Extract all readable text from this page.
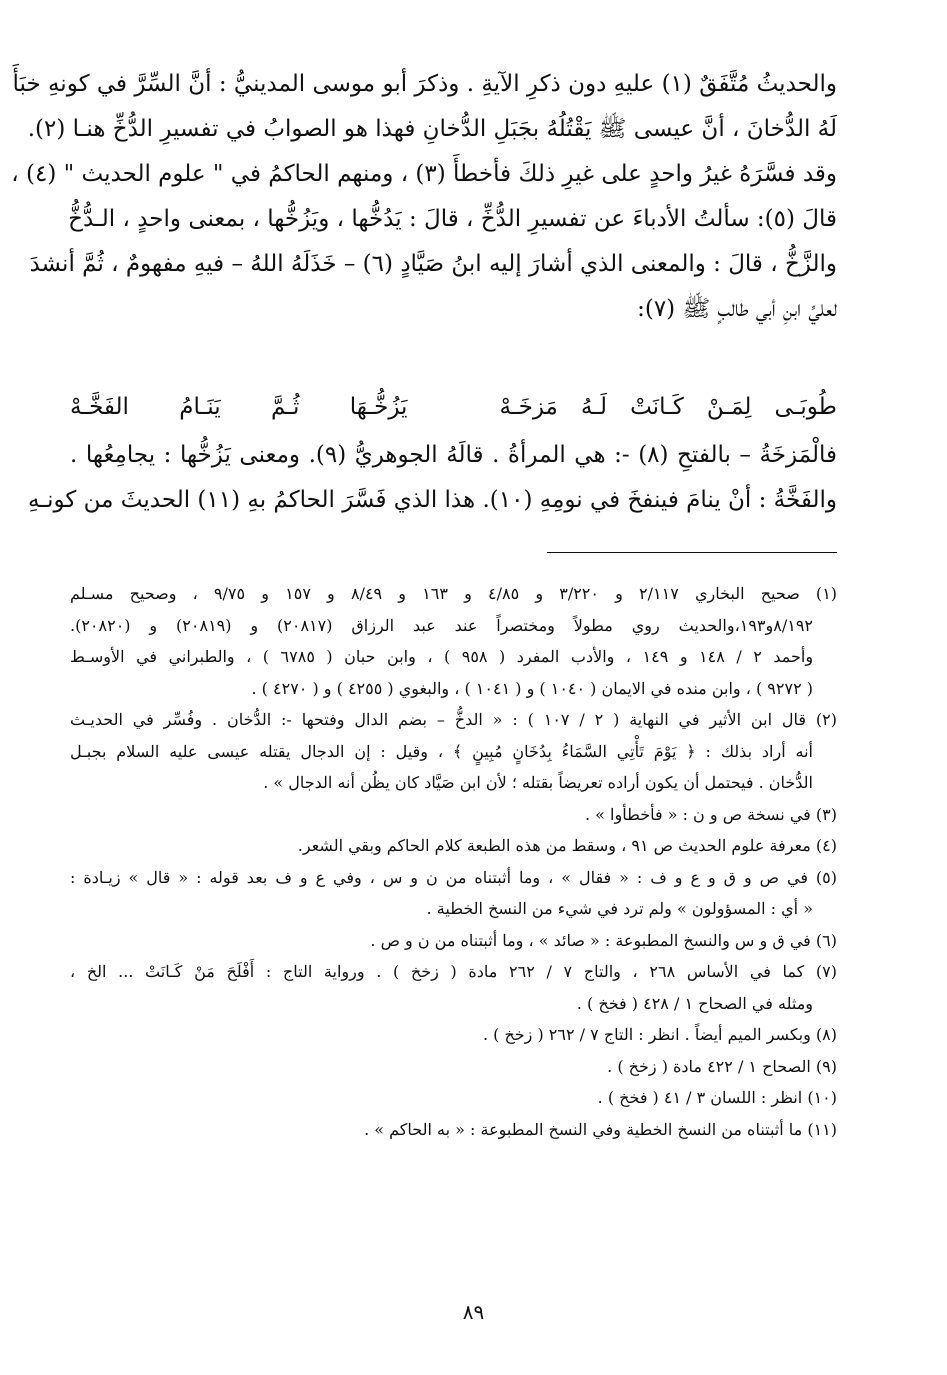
والحديثُ مُتَّفَقٌ (١) عليهِ دون ذكرِ الآيةِ . وذكرَ أبو موسى المدينيُّ : أنَّ السِّرَّ في كونهِ خبَأَ
لَهُ الدُّخانَ ، أنَّ عيسى ﷺ يَقْتُلُهُ بجَبَلِ الدُّخانِ فهذا هو الصوابُ في تفسيرِ الدُّخِّ هنـا (٢).
وقد فسَّرَهُ غيرُ واحدٍ على غيرِ ذلكَ فأخطأَ (٣) ، ومنهم الحاكمُ في " علوم الحديث " (٤) ،
قالَ (٥): سألتُ الأدباءَ عن تفسيرِ الدُّخِّ ، قالَ : يَدُخُّها ، ويَزُخُّها ، بمعنى واحدٍ ، الـدُّخُّ
والزَّخُّ ، قالَ : والمعنى الذي أشارَ إليه ابنُ صَيَّادٍ (٦) – خَذَلَهُ اللهُ – فيهِ مفهومٌ ، ثُمَّ أنشدَ
لعليِّ ابنِ أبي طالبٍ ﷺ (٧):
طُوبَـى لِمَـنْ كَـانَتْ لَـهُ مَزخَـهْ
يَزُخُّـهَا ثُـمَّ يَنَـامُ الفَخَّـهْ
فالْمَزخَةُ – بالفتحِ (٨) -: هي المرأةُ . قالَهُ الجوهريُّ (٩). ومعنى يَزُخُّها : يجامِعُها .
والفَخَّةُ : أنْ ينامَ فينفخَ في نومِهِ (١٠). هذا الذي فَسَّرَ الحاكمُ بهِ (١١) الحديثَ من كونـهِ
(١) صحيح البخاري ٢/١١٧ و ٣/٢٢٠ و ٤/٨٥ و ١٦٣ و ٨/٤٩ و ١٥٧ و ٩/٧٥ ، وصحيح مسـلم
٨/١٩٢و١٩٣،والحديث روي مطولاً ومختصراً عند عبد الرزاق (٢٠٨١٧) و (٢٠٨١٩) و (٢٠٨٢٠).
وأحمد ٢ / ١٤٨ و ١٤٩ ، والأدب المفرد ( ٩٥٨ ) ، وابن حبان ( ٦٧٨٥ ) ، والطبراني في الأوسـط
( ٩٢٧٢ ) ، وابن منده في الايمان ( ١٠٤٠ ) و ( ١٠٤١ ) ، والبغوي ( ٤٢٥٥ ) و ( ٤٢٧٠ ) .
(٢) قال ابن الأثير في النهاية ( ٢ / ١٠٧ ) : « الدخُّ – بضم الدال وفتحها -: الدُّخان . وفُسِّر في الحديـث
أنه أراد بذلك : ﴿ يَوْمَ تَأْتِي السَّمَاءُ بِدُخَانٍ مُبِينٍ ﴾ ، وقيل : إن الدجال يقتله عيسى عليه السلام بجبـل
الدُّخان . فيحتمل أن يكون أراده تعريضاً بقتله ؛ لأن ابن صَيَّاد كان يظُن أنه الدجال » .
(٣) في نسخة ص و ن : « فأخطأوا » .
(٤) معرفة علوم الحديث ص ٩١ ، وسقط من هذه الطبعة كلام الحاكم وبقي الشعر.
(٥) في ص و ق و ع و ف : « فقال » ، وما أثبتناه من ن و س ، وفي ع و ف بعد قوله : « قال » زيـادة :
« أي : المسؤولون » ولم ترد في شيء من النسخ الخطية .
(٦) في ق و س والنسخ المطبوعة : « صائد » ، وما أثبتناه من ن و ص .
(٧) كما في الأساس ٢٦٨ ، والتاج ٧ / ٢٦٢ مادة ( زخخ ) . ورواية التاج : أَفْلَحَ مَنْ كَـانَتْ ... الخ ،
ومثله في الصحاح ١ / ٤٢٨ ( فخخ ) .
(٨) وبكسر الميم أيضاً . انظر : التاج ٧ / ٢٦٢ ( زخخ ) .
(٩) الصحاح ١ / ٤٢٢ مادة ( زخخ ) .
(١٠) انظر : اللسان ٣ / ٤١ ( فخخ ) .
(١١) ما أثبتناه من النسخ الخطية وفي النسخ المطبوعة : « به الحاكم » .
٨٩
